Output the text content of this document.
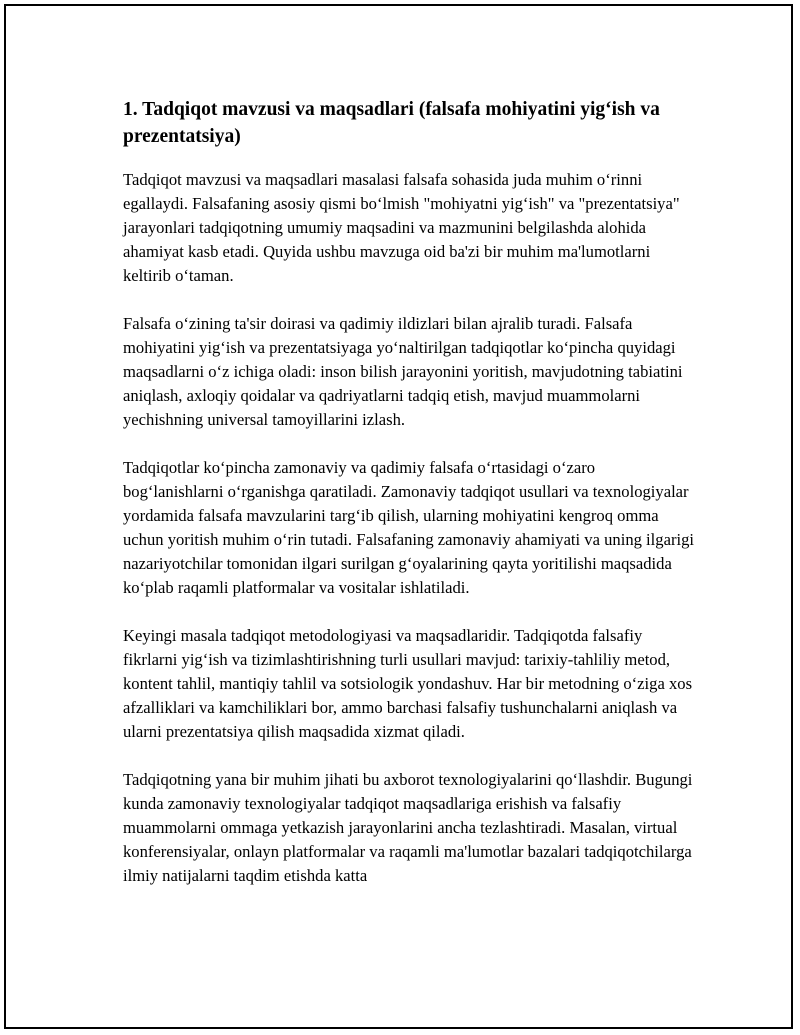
1. Tadqiqot mavzusi va maqsadlari (falsafa mohiyatini yig‘ish va prezentatsiya)

Tadqiqot mavzusi va maqsadlari masalasi falsafa sohasida juda muhim o‘rinni egallaydi. Falsafaning asosiy qismi bo‘lmish "mohiyatni yig‘ish" va "prezentatsiya" jarayonlari tadqiqotning umumiy maqsadini va mazmunini belgilashda alohida ahamiyat kasb etadi. Quyida ushbu mavzuga oid ba'zi bir muhim ma'lumotlarni keltirib o‘taman.

Falsafa o‘zining ta'sir doirasi va qadimiy ildizlari bilan ajralib turadi. Falsafa mohiyatini yig‘ish va prezentatsiyaga yo‘naltirilgan tadqiqotlar ko‘pincha quyidagi maqsadlarni o‘z ichiga oladi: inson bilish jarayonini yoritish, mavjudotning tabiatini aniqlash, axloqiy qoidalar va qadriyatlarni tadqiq etish, mavjud muammolarni yechishning universal tamoyillarini izlash.

Tadqiqotlar ko‘pincha zamonaviy va qadimiy falsafa o‘rtasidagi o‘zaro bog‘lanishlarni o‘rganishga qaratiladi. Zamonaviy tadqiqot usullari va texnologiyalar yordamida falsafa mavzularini targ‘ib qilish, ularning mohiyatini kengroq omma uchun yoritish muhim o‘rin tutadi. Falsafaning zamonaviy ahamiyati va uning ilgarigi nazariyotchilar tomonidan ilgari surilgan g‘oyalarining qayta yoritilishi maqsadida ko‘plab raqamli platformalar va vositalar ishlatiladi.

Keyingi masala tadqiqot metodologiyasi va maqsadlaridir. Tadqiqotda falsafiy fikrlarni yig‘ish va tizimlashtirishning turli usullari mavjud: tarixiy-tahliliy metod, kontent tahlil, mantiqiy tahlil va sotsiologik yondashuv. Har bir metodning o‘ziga xos afzalliklari va kamchiliklari bor, ammo barchasi falsafiy tushunchalarni aniqlash va ularni prezentatsiya qilish maqsadida xizmat qiladi.

Tadqiqotning yana bir muhim jihati bu axborot texnologiyalarini qo‘llashdir. Bugungi kunda zamonaviy texnologiyalar tadqiqot maqsadlariga erishish va falsafiy muammolarni ommaga yetkazish jarayonlarini ancha tezlashtiradi. Masalan, virtual konferensiyalar, onlayn platformalar va raqamli ma'lumotlar bazalari tadqiqotchilarga ilmiy natijalarni taqdim etishda katta
